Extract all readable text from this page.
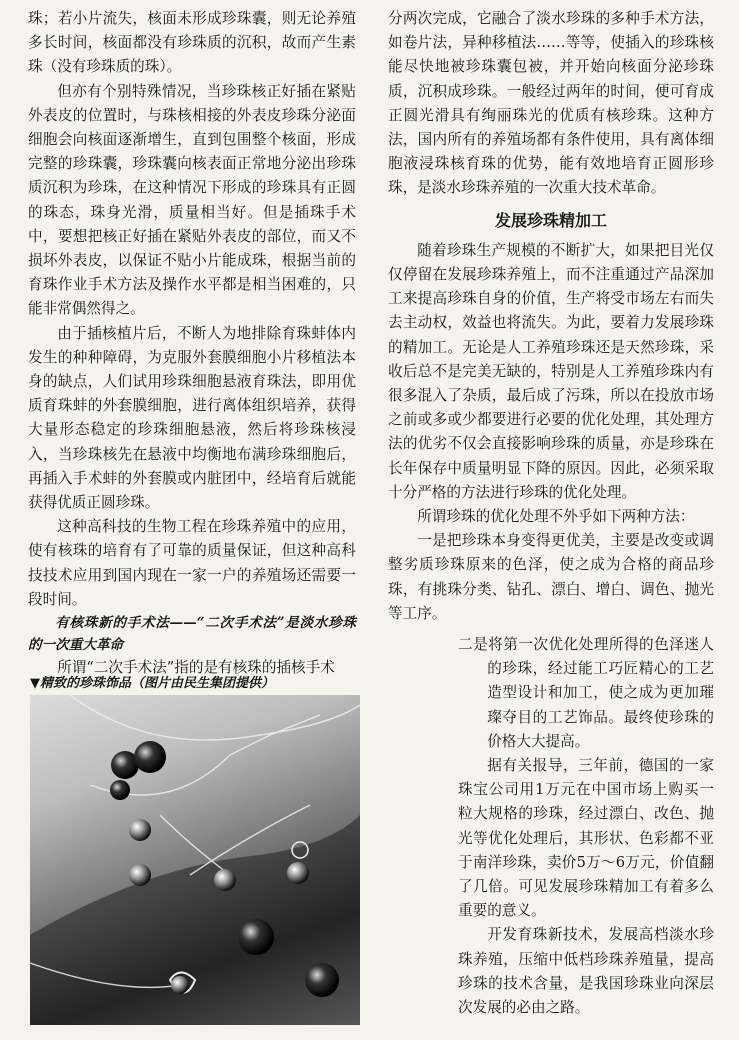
珠；若小片流失，核面未形成珍珠囊，则无论养殖多长时间，核面都没有珍珠质的沉积，故而产生素珠（没有珍珠质的珠）。

但亦有个别特殊情况，当珍珠核正好插在紧贴外表皮的位置时，与珠核相接的外表皮珍珠分泌面细胞会向核面逐渐增生，直到包围整个核面，形成完整的珍珠囊，珍珠囊向核表面正常地分泌出珍珠质沉积为珍珠，在这种情况下形成的珍珠具有正圆的珠态，珠身光滑，质量相当好。但是插珠手术中，要想把核正好插在紧贴外表皮的部位，而又不损坏外表皮，以保证不贴小片能成珠，根据当前的育珠作业手术方法及操作水平都是相当困难的，只能非常偶然得之。

由于插核植片后，不断人为地排除育珠蚌体内发生的种种障碍，为克服外套膜细胞小片移植法本身的缺点，人们试用珍珠细胞悬液育珠法，即用优质育珠蚌的外套膜细胞，进行离体组织培养，获得大量形态稳定的珍珠细胞悬液，然后将珍珠核浸入，当珍珠核先在悬液中均衡地布满珍珠细胞后，再插入手术蚌的外套膜或内脏团中，经培育后就能获得优质正圆珍珠。

这种高科技的生物工程在珍珠养殖中的应用，使有核珠的培育有了可靠的质量保证，但这种高科技技术应用到国内现在一家一户的养殖场还需要一段时间。

有核珠新的手术法——“二次手术法”是淡水珍珠的一次重大革命

所谓“二次手术法”指的是有核珠的插核手术

▼精致的珍珠饰品（图片由民生集团提供）

分两次完成，它融合了淡水珍珠的多种手术方法，如卷片法，异种移植法……等等，使插入的珍珠核能尽快地被珍珠囊包被，并开始向核面分泌珍珠质，沉积成珍珠。一般经过两年的时间，便可育成正圆光滑具有绚丽珠光的优质有核珍珠。这种方法，国内所有的养殖场都有条件使用，具有离体细胞液浸珠核育珠的优势，能有效地培育正圆形珍珠，是淡水珍珠养殖的一次重大技术革命。

发展珍珠精加工

随着珍珠生产规模的不断扩大，如果把目光仅仅停留在发展珍珠养殖上，而不注重通过产品深加工来提高珍珠自身的价值，生产将受市场左右而失去主动权，效益也将流失。为此，要着力发展珍珠的精加工。无论是人工养殖珍珠还是天然珍珠，采收后总不是完美无缺的，特别是人工养殖珍珠内有很多混入了杂质，最后成了污珠，所以在投放市场之前或多或少都要进行必要的优化处理，其处理方法的优劣不仅会直接影响珍珠的质量，亦是珍珠在长年保存中质量明显下降的原因。因此，必须采取十分严格的方法进行珍珠的优化处理。

所谓珍珠的优化处理不外乎如下两种方法：

一是把珍珠本身变得更优美，主要是改变或调整劣质珍珠原来的色泽，使之成为合格的商品珍珠，有挑珠分类、钻孔、漂白、增白、调色、抛光等工序。

二是将第一次优化处理所得的色泽迷人的珍珠，经过能工巧匠精心的工艺造型设计和加工，使之成为更加璀璨夺目的工艺饰品。最终使珍珠的价格大大提高。

据有关报导，三年前，德国的一家珠宝公司用1万元在中国市场上购买一粒大规格的珍珠，经过漂白、改色、抛光等优化处理后，其形状、色彩都不亚于南洋珍珠，卖价5万～6万元，价值翻了几倍。可见发展珍珠精加工有着多么重要的意义。

开发育珠新技术，发展高档淡水珍珠养殖，压缩中低档珍珠养殖量，提高珍珠的技术含量，是我国珍珠业向深层次发展的必由之路。
